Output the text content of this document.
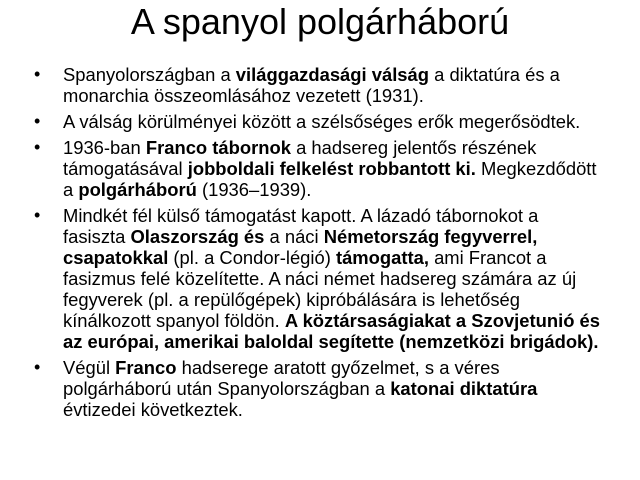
A spanyol polgárháború
• Spanyolországban a világgazdasági válság a diktatúra és a monarchia összeomlásához vezetett (1931).
• A válság körülményei között a szélsőséges erők megerősödtek.
• 1936-ban Franco tábornok a hadsereg jelentős részének támogatásával jobboldali felkelést robbantott ki. Megkezdődött a polgárháború (1936–1939).
• Mindkét fél külső támogatást kapott. A lázadó tábornokot a fasiszta Olaszország és a náci Németország fegyverrel, csapatokkal (pl. a Condor-légió) támogatta, ami Francot a fasizmus felé közelítette. A náci német hadsereg számára az új fegyverek (pl. a repülőgépek) kipróbálására is lehetőség kínálkozott spanyol földön. A köztársaságiakat a Szovjetunió és az európai, amerikai baloldal segítette (nemzetközi brigádok).
• Végül Franco hadserege aratott győzelmet, s a véres polgárháború után Spanyolországban a katonai diktatúra évtizedei következtek.
